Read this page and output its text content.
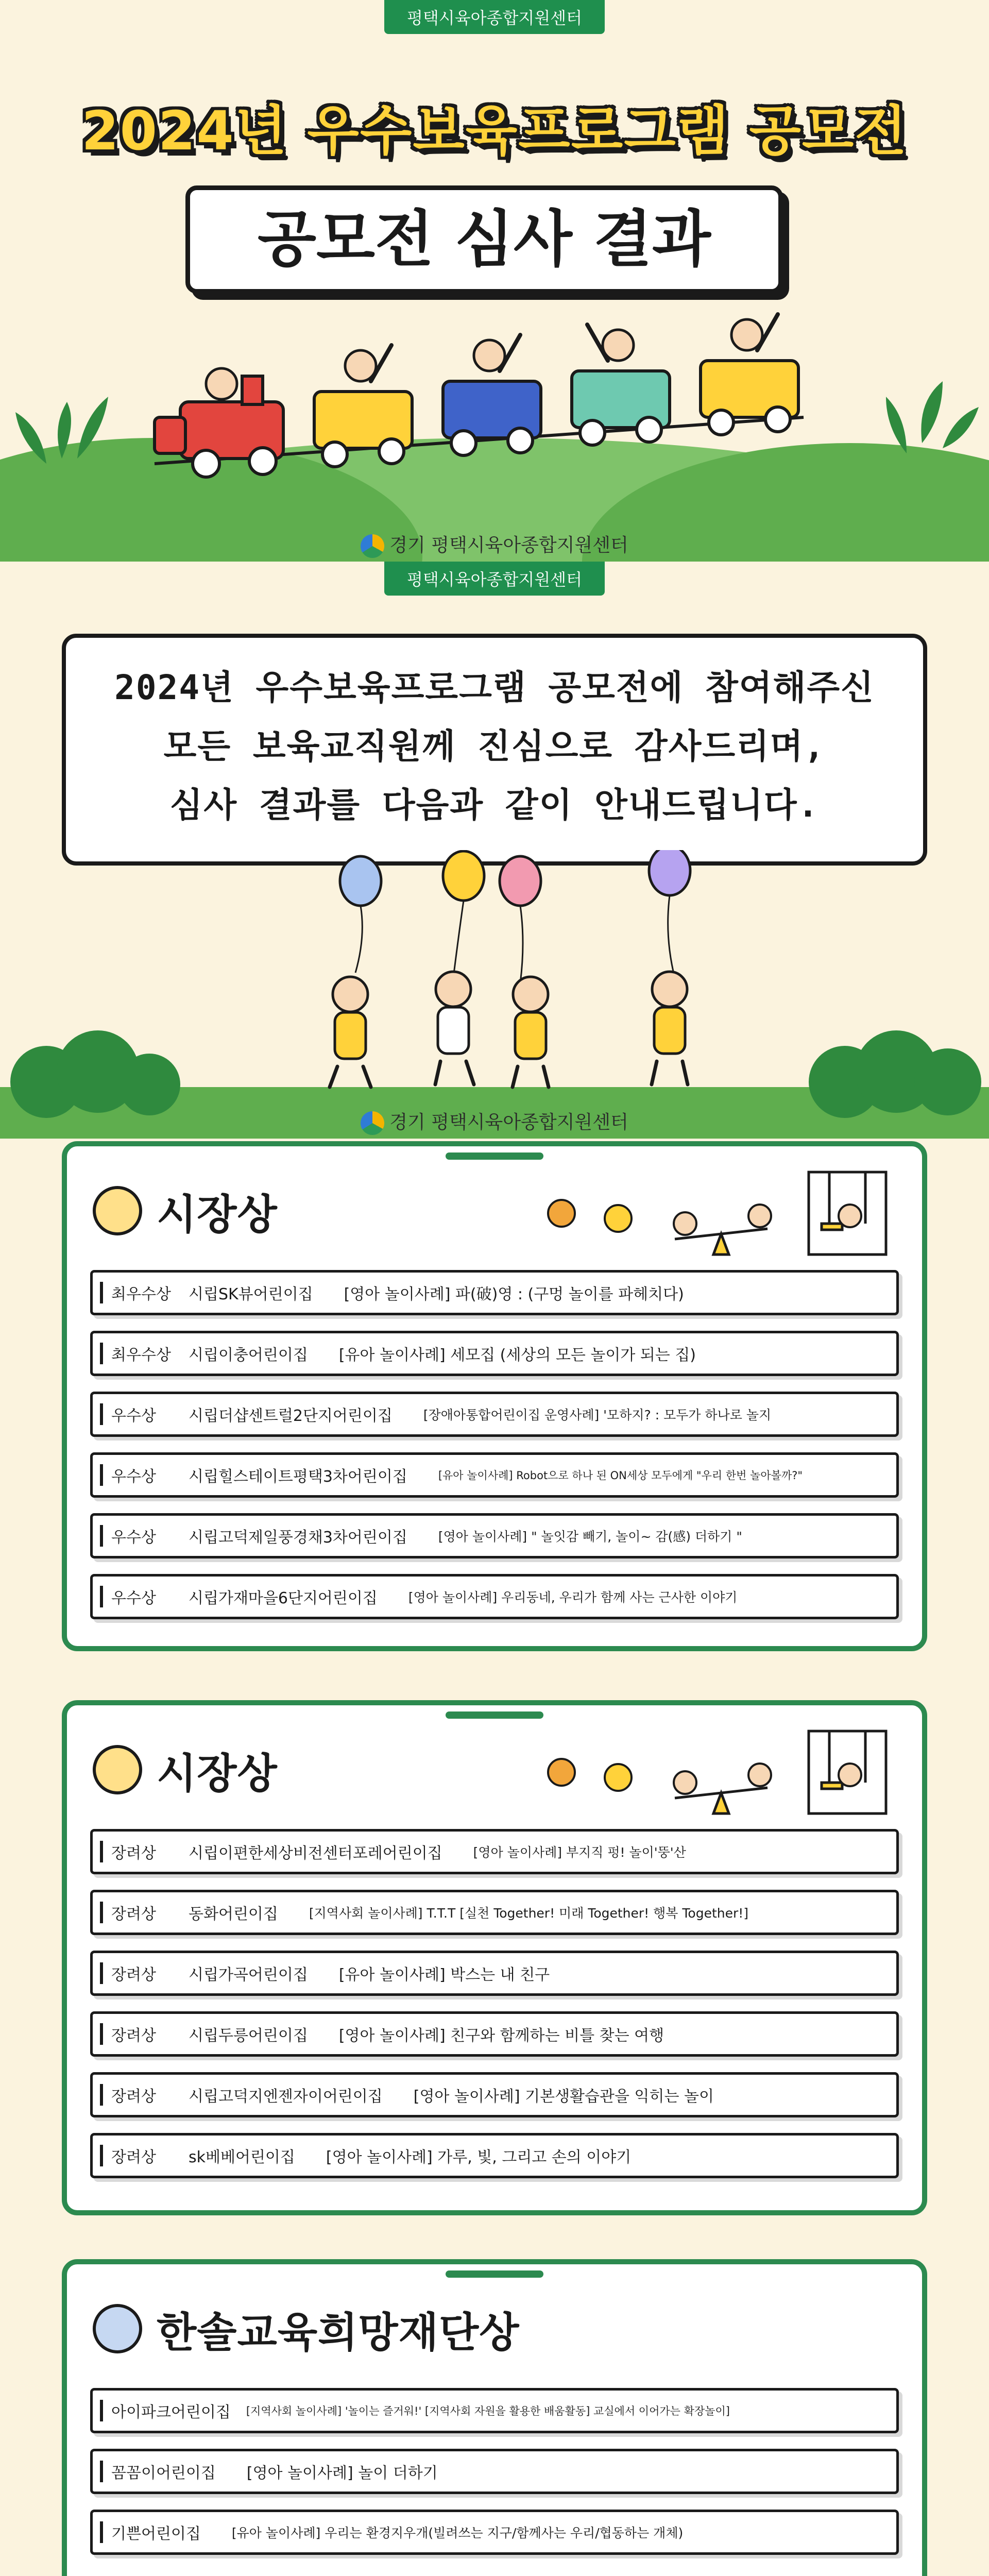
평택시육아종합지원센터
2024년 우수보육프로그램 공모전
공모전 심사 결과
경기 평택시육아종합지원센터
평택시육아종합지원센터
2024년 우수보육프로그램 공모전에 참여해주신
모든 보육교직원께 진심으로 감사드리며,
심사 결과를 다음과 같이 안내드립니다.
경기 평택시육아종합지원센터
시장상
최우수상	시립SK뷰어린이집 [영아 놀이사례] 파(破)영 : (구멍 놀이를 파헤치다)
최우수상	시립이충어린이집 [유아 놀이사례] 세모집 (세상의 모든 놀이가 되는 집)
우수상	시립더샵센트럴2단지어린이집 [장애아통합어린이집 운영사례] '모하지? : 모두가 하나로 놀지
우수상	시립힐스테이트평택3차어린이집	[유아 놀이사례] Robot으로 하나 된 ON세상 모두에게 "우리 한번 놀아볼까?"
우수상	시립고덕제일풍경채3차어린이집 [영아 놀이사례] " 놀잇감 빼기, 놀이~ 감(感) 더하기 "
우수상	시립가재마을6단지어린이집 [영아 놀이사례] 우리동네, 우리가 함께 사는 근사한 이야기
시장상
장려상	시립이편한세상비전센터포레어린이집 [영아 놀이사례] 부지직 펑! 놀이'뚱'산
장려상	동화어린이집 [지역사회 놀이사례] T.T.T [실천 Together! 미래 Together! 행복 Together!]
장려상	시립가곡어린이집 [유아 놀이사례] 박스는 내 친구
장려상	시립두릉어린이집 [영아 놀이사례] 친구와 함께하는 비틀 찾는 여행
장려상	시립고덕지엔젠자이어린이집 [영아 놀이사례] 기본생활습관을 익히는 놀이
장려상	sk베베어린이집 [영아 놀이사례] 가루, 빛, 그리고 손의 이야기
한솔교육희망재단상
아이파크어린이집 [지역사회 놀이사례] '놀이는 즐거워!' [지역사회 자원을 활용한 배움활동] 교실에서 이어가는 확장놀이]
꼼꼼이어린이집 [영아 놀이사례] 놀이 더하기
기쁜어린이집 [유아 놀이사례] 우리는 환경지우개(빌려쓰는 지구/함께사는 우리/협동하는 개체)
